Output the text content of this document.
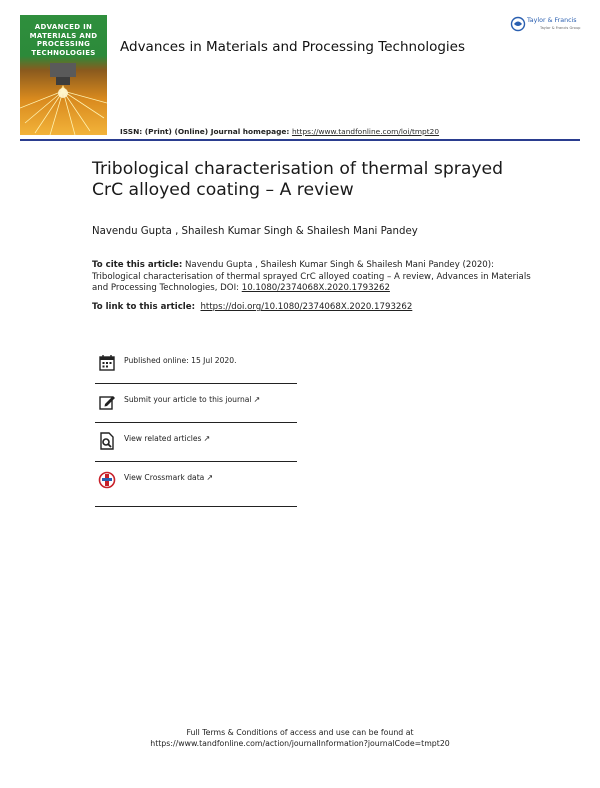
ADVANCED IN
MATERIALS AND
PROCESSING
TECHNOLOGIES	Advances in Materials and Processing Technologies
Taylor & Francis
Taylor & Francis Group
ISSN: (Print) (Online) Journal homepage: https://www.tandfonline.com/loi/tmpt20
Tribological characterisation of thermal sprayed
CrC alloyed coating – A review
Navendu Gupta , Shailesh Kumar Singh & Shailesh Mani Pandey
To cite this article: Navendu Gupta , Shailesh Kumar Singh & Shailesh Mani Pandey (2020): Tribological characterisation of thermal sprayed CrC alloyed coating – A review, Advances in Materials and Processing Technologies, DOI: 10.1080/2374068X.2020.1793262
To link to this article: https://doi.org/10.1080/2374068X.2020.1793262
Published online: 15 Jul 2020.
Submit your article to this journal ↗
View related articles ↗
View Crossmark data ↗
Full Terms & Conditions of access and use can be found at
https://www.tandfonline.com/action/journalInformation?journalCode=tmpt20
